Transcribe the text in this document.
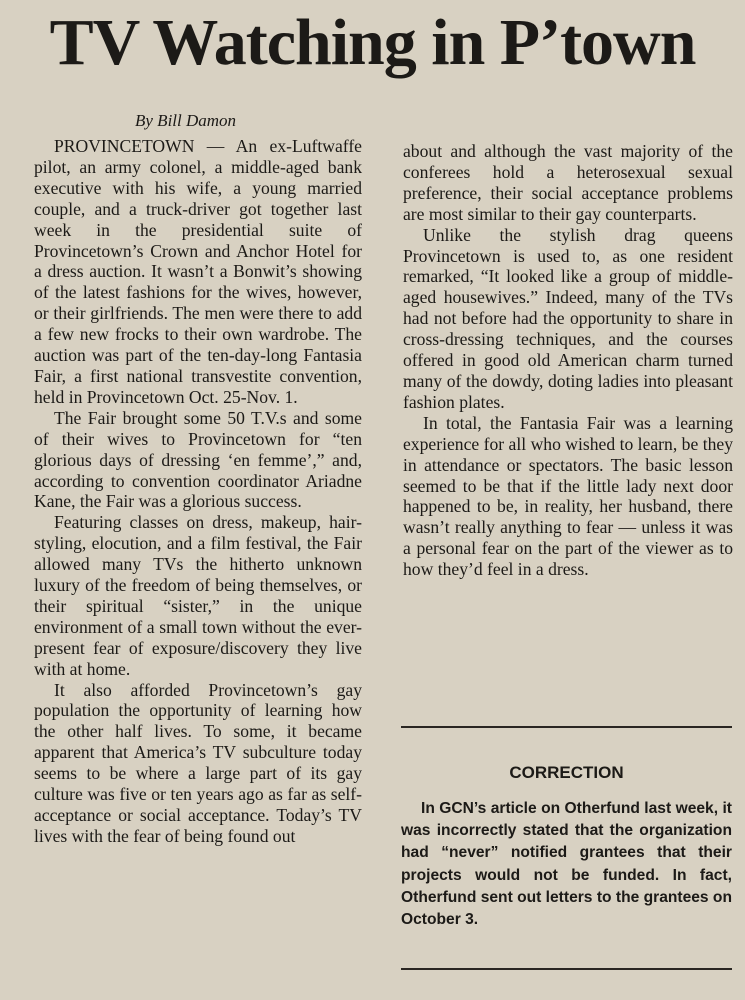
TV Watching in P’town
By Bill Damon

PROVINCETOWN — An ex-Luftwaffe pilot, an army colonel, a middle-aged bank executive with his wife, a young married couple, and a truck-driver got together last week in the presidential suite of Provincetown’s Crown and Anchor Hotel for a dress auction. It wasn’t a Bonwit’s showing of the latest fashions for the wives, however, or their girlfriends. The men were there to add a few new frocks to their own wardrobe. The auction was part of the ten-day-long Fantasia Fair, a first national transvestite convention, held in Provincetown Oct. 25-Nov. 1.

The Fair brought some 50 T.V.s and some of their wives to Provincetown for “ten glorious days of dressing ‘en femme’,” and, according to convention coordinator Ariadne Kane, the Fair was a glorious success.

Featuring classes on dress, makeup, hair-styling, elocution, and a film festival, the Fair allowed many TVs the hitherto unknown luxury of the freedom of being themselves, or their spiritual “sister,” in the unique environment of a small town without the ever-present fear of exposure/discovery they live with at home.

It also afforded Provincetown’s gay population the opportunity of learning how the other half lives. To some, it became apparent that America’s TV subculture today seems to be where a large part of its gay culture was five or ten years ago as far as self-acceptance or social acceptance. Today’s TV lives with the fear of being found out

about and although the vast majority of the conferees hold a heterosexual sexual preference, their social acceptance problems are most similar to their gay counterparts.

Unlike the stylish drag queens Provincetown is used to, as one resident remarked, “It looked like a group of middle-aged housewives.” Indeed, many of the TVs had not before had the opportunity to share in cross-dressing techniques, and the courses offered in good old American charm turned many of the dowdy, doting ladies into pleasant fashion plates.

In total, the Fantasia Fair was a learning experience for all who wished to learn, be they in attendance or spectators. The basic lesson seemed to be that if the little lady next door happened to be, in reality, her husband, there wasn’t really anything to fear — unless it was a personal fear on the part of the viewer as to how they’d feel in a dress.

CORRECTION

In GCN’s article on Otherfund last week, it was incorrectly stated that the organization had “never” notified grantees that their projects would not be funded. In fact, Otherfund sent out letters to the grantees on October 3.
